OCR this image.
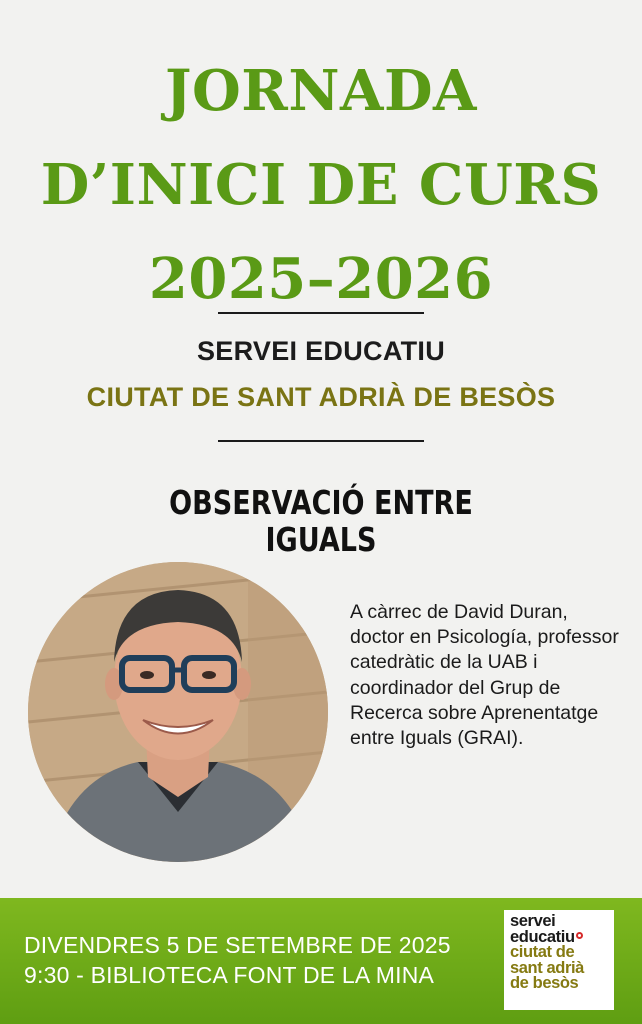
JORNADA
D’INICI DE CURS
2025–2026
SERVEI EDUCATIU
CIUTAT DE SANT ADRIÀ DE BESÒS
OBSERVACIÓ ENTRE IGUALS
A càrrec de David Duran, doctor en Psicología, professor catedràtic de la UAB i coordinador del Grup de Recerca sobre Aprenentatge entre Iguals (GRAI).
DIVENDRES 5 DE SETEMBRE DE 2025
9:30 - BIBLIOTECA FONT DE LA MINA
servei
educatiu
ciutat de
sant adrià
de besòs
